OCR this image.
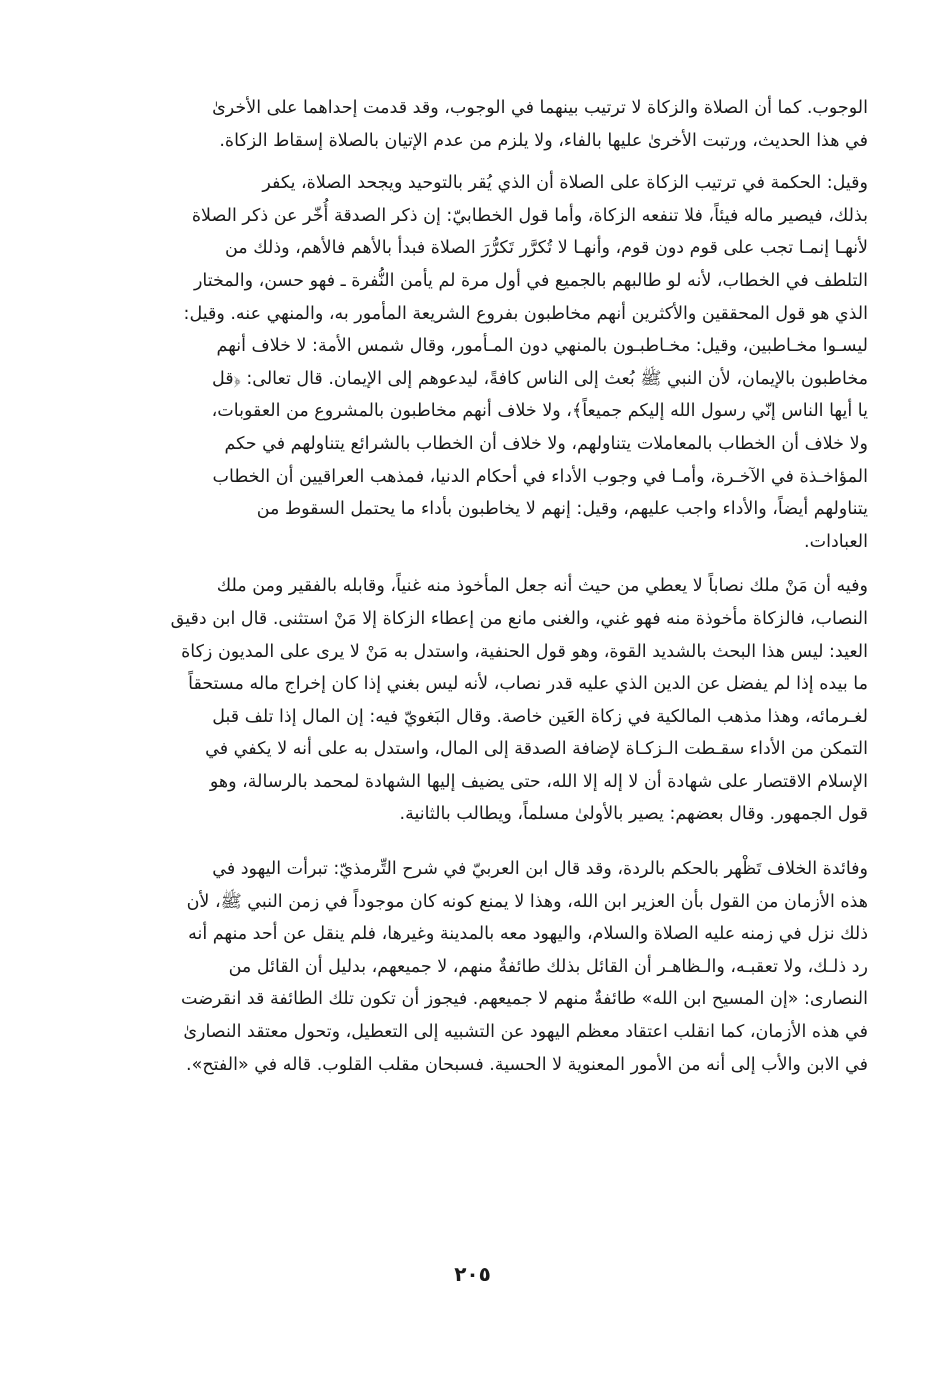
الوجوب. كما أن الصلاة والزكاة لا ترتيب بينهما في الوجوب، وقد قدمت إحداهما على الأخرىٰ
في هذا الحديث، ورتبت الأخرىٰ عليها بالفاء، ولا يلزم من عدم الإتيان بالصلاة إسقاط الزكاة.

وقيل: الحكمة في ترتيب الزكاة على الصلاة أن الذي يُقر بالتوحيد ويجحد الصلاة، يكفر
بذلك، فيصير ماله فيئاً، فلا تنفعه الزكاة، وأما قول الخطابيّ: إن ذكر الصدقة أُخّر عن ذكر الصلاة
لأنهـا إنمـا تجب على قوم دون قوم، وأنهـا لا تُكرَّر تَكرُّرَ الصلاة فبدأ بالأهم فالأهم، وذلك من
التلطف في الخطاب، لأنه لو طالبهم بالجميع في أول مرة لم يأمن النُّفرة ـ فهو حسن، والمختار
الذي هو قول المحققين والأكثرين أنهم مخاطبون بفروع الشريعة المأمور به، والمنهي عنه. وقيل:
ليسـوا مخـاطبين، وقيل: مخـاطبـون بالمنهي دون المـأمور، وقال شمس الأمة: لا خلاف أنهم
مخاطبون بالإيمان، لأن النبي ﷺ بُعث إلى الناس كافةً، ليدعوهم إلى الإيمان. قال تعالى: ﴿قل
يا أيها الناس إنّي رسول الله إليكم جميعاً﴾، ولا خلاف أنهم مخاطبون بالمشروع من العقوبات،
ولا خلاف أن الخطاب بالمعاملات يتناولهم، ولا خلاف أن الخطاب بالشرائع يتناولهم في حكم
المؤاخـذة في الآخـرة، وأمـا في وجوب الأداء في أحكام الدنيا، فمذهب العراقيين أن الخطاب
يتناولهم أيضاً، والأداء واجب عليهم، وقيل: إنهم لا يخاطبون بأداء ما يحتمل السقوط من
العبادات.

وفيه أن مَنْ ملك نصاباً لا يعطي من حيث أنه جعل المأخوذ منه غنياً، وقابله بالفقير ومن ملك
النصاب، فالزكاة مأخوذة منه فهو غني، والغنى مانع من إعطاء الزكاة إلا مَنْ استثنى. قال ابن دقيق
العيد: ليس هذا البحث بالشديد القوة، وهو قول الحنفية، واستدل به مَنْ لا يرى على المديون زكاة
ما بيده إذا لم يفضل عن الدين الذي عليه قدر نصاب، لأنه ليس بغني إذا كان إخراج ماله مستحقاً
لغـرمائه، وهذا مذهب المالكية في زكاة العَين خاصة. وقال البَغويّ فيه: إن المال إذا تلف قبل
التمكن من الأداء سقـطت الـزكـاة لإضافة الصدقة إلى المال، واستدل به على أنه لا يكفي في
الإسلام الاقتصار على شهادة أن لا إله إلا الله، حتى يضيف إليها الشهادة لمحمد بالرسالة، وهو
قول الجمهور. وقال بعضهم: يصير بالأولىٰ مسلماً، ويطالب بالثانية.

وفائدة الخلاف تَظْهر بالحكم بالردة، وقد قال ابن العربيّ في شرح التِّرمذيّ: تبرأت اليهود في
هذه الأزمان من القول بأن العزير ابن الله، وهذا لا يمنع كونه كان موجوداً في زمن النبي ﷺ، لأن
ذلك نزل في زمنه عليه الصلاة والسلام، واليهود معه بالمدينة وغيرها، فلم ينقل عن أحد منهم أنه
رد ذلـك، ولا تعقبـه، والـظاهـر أن القائل بذلك طائفةٌ منهم، لا جميعهم، بدليل أن القائل من
النصارى: «إن المسيح ابن الله» طائفةٌ منهم لا جميعهم. فيجوز أن تكون تلك الطائفة قد انقرضت
في هذه الأزمان، كما انقلب اعتقاد معظم اليهود عن التشبيه إلى التعطيل، وتحول معتقد النصارىٰ
في الابن والأب إلى أنه من الأمور المعنوية لا الحسية. فسبحان مقلب القلوب. قاله في «الفتح».

٢٠٥
